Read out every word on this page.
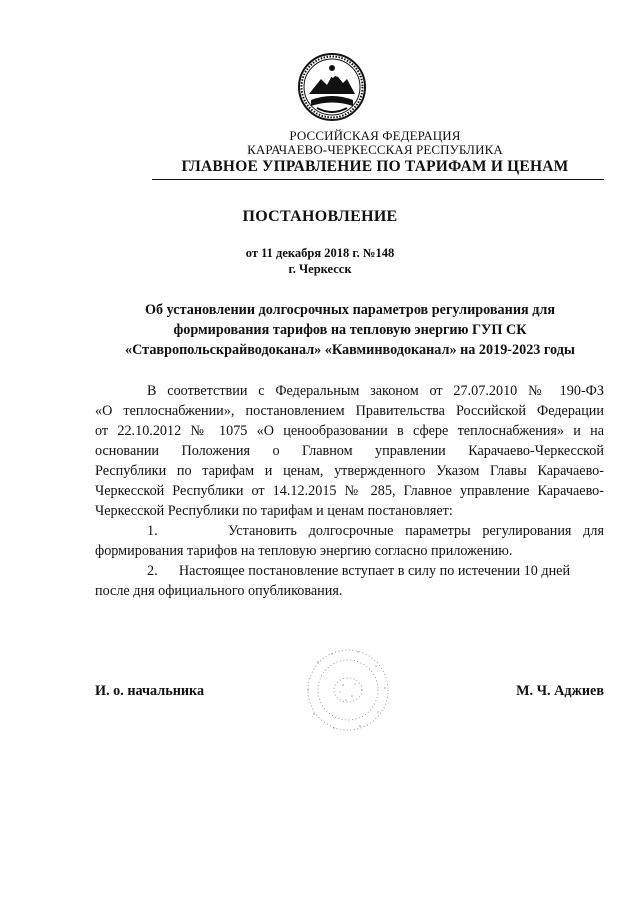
РОССИЙСКАЯ ФЕДЕРАЦИЯ
КАРАЧАЕВО-ЧЕРКЕССКАЯ РЕСПУБЛИКА
ГЛАВНОЕ УПРАВЛЕНИЕ ПО ТАРИФАМ И ЦЕНАМ
ПОСТАНОВЛЕНИЕ
от 11 декабря 2018 г. №148
г. Черкесск
Об установлении долгосрочных параметров регулирования для
формирования тарифов на тепловую энергию ГУП СК
«Ставропольcкрайводоканал» «Кавминводоканал» на 2019-2023 годы
В соответствии с Федеральным законом от 27.07.2010 № 190-ФЗ
«О теплоснабжении», постановлением Правительства Российской Федерации
от 22.10.2012 № 1075 «О ценообразовании в сфере теплоснабжения» и на
основании Положения о Главном управлении Карачаево-Черкесской
Республики по тарифам и ценам, утвержденного Указом Главы Карачаево-
Черкесской Республики от 14.12.2015 № 285, Главное управление Карачаево-
Черкесской Республики по тарифам и ценам постановляет:
1.      Установить долгосрочные параметры регулирования для
формирования тарифов на тепловую энергию согласно приложению.
2.      Настоящее постановление вступает в силу по истечении 10 дней
после дня официального опубликования.
И. о. начальника	М. Ч. Аджиев
